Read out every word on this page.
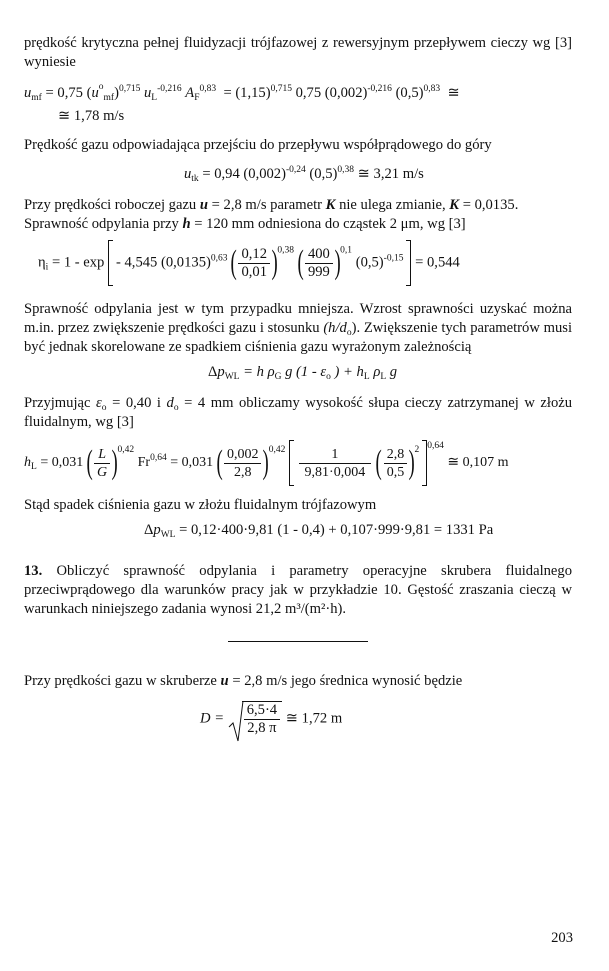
prędkość krytyczna pełnej fluidyzacji trójfazowej z rewersyjnym przepływem cieczy wg [3] wyniesie

$u_{mf} = 0,75$ $(u^o_{mf})^{0,715}$ $u_L^{-0,216}$ $A_F^{0,83} = (1,15)^{0,715}$ 0,75 $(0,002)^{-0,216}$ $(0,5)^{0,83}$ ≅
≅ 1,78 m/s

Prędkość gazu odpowiadająca przejściu do przepływu współprądowego do góry

$u_{tk} = 0,94$ $(0,002)^{-0,24}$ $(0,5)^{0,38}$ ≅ 3,21 m/s

Przy prędkości roboczej gazu u = 2,8 m/s parametr K nie ulega zmianie, K = 0,0135.

Sprawność odpylania przy h = 120 mm odniesiona do cząstek 2 μm, wg [3]

$\eta_i = 1 - \exp - 4,545$ $(0,0135)^{0,63}$ ( $\frac{0,12}{0,01} )^{0,38}$ ( $\frac{400}{999} )^{0,1}$ $(0,5)^{-0,15} = 0,544$

Sprawność odpylania jest w tym przypadku mniejsza. Wzrost sprawności uzyskać można m.in. przez zwiększenie prędkości gazu i stosunku $(h/d_o)$. Zwiększenie tych parametrów musi być jednak skorelowane ze spadkiem ciśnienia gazu wyrażonym zależnością

$\Delta p_{WL} = h$ $\rho_G$ g ($1 - \varepsilon_o$ ) + $h_L$ $\rho_L$ g

Przyjmując $\varepsilon_o = 0,40$ i $d_o = 4$ mm obliczamy wysokość słupa cieczy zatrzymanej w złożu fluidalnym, wg [3]

$h_L = 0,031$ ( $\frac{L}{G} )^{0,42}$ Fr$^{0,64}$ = 0,031 ( $\frac{0,002}{2,8} )^{0,42} \frac{1}{9,81\cdot 0,004}$ ( $\frac{2,8}{0,5} )^2$ $^{0,64}$ ≅ 0,107 m

Stąd spadek ciśnienia gazu w złożu fluidalnym trójfazowym

$\Delta p_{WL} = 0,12\cdot 400\cdot 9,81$ (1 - 0,4) + 0,107·999·9,81 = 1331 Pa

13. Obliczyć sprawność odpylania i parametry operacyjne skrubera fluidalnego przeciwprądowego dla warunków pracy jak w przykładzie 10. Gęstość zraszania cieczą w warunkach niniejszego zadania wynosi 21,2 m³/(m²·h).

Przy prędkości gazu w skruberze u = 2,8 m/s jego średnica wynosić będzie

$D = \frac{6,5\cdot 4}{2,8 \pi}$ ≅ 1,72 m
203
